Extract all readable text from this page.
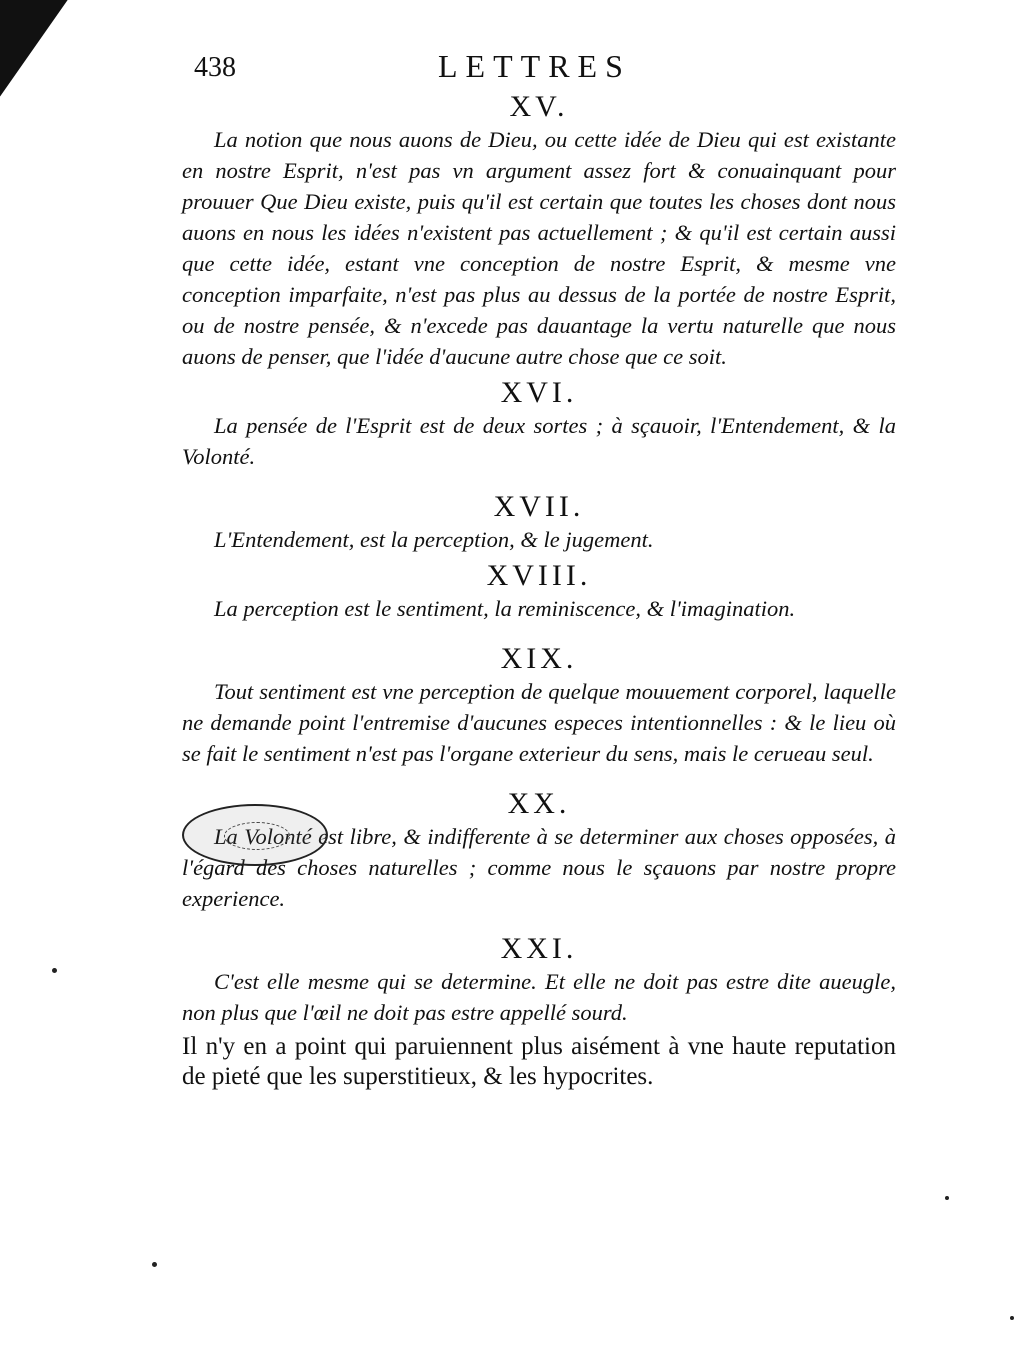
438	LETTRES

XV.

La notion que nous auons de Dieu, ou cette idée de Dieu qui est existante en nostre Esprit, n'est pas vn argument assez fort & conuainquant pour prouuer Que Dieu existe, puis qu'il est certain que toutes les choses dont nous auons en nous les idées n'existent pas actuellement ; & qu'il est certain aussi que cette idée, estant vne conception de nostre Esprit, & mesme vne conception imparfaite, n'est pas plus au dessus de la portée de nostre Esprit, ou de nostre pensée, & n'excede pas dauantage la vertu naturelle que nous auons de penser, que l'idée d'aucune autre chose que ce soit.

XVI.

La pensée de l'Esprit est de deux sortes ; à sçauoir, l'Entendement, & la Volonté.

XVII.

L'Entendement, est la perception, & le jugement.

XVIII.

La perception est le sentiment, la reminiscence, & l'imagination.

XIX.

Tout sentiment est vne perception de quelque mouuement corporel, laquelle ne demande point l'entremise d'aucunes especes intentionnelles : & le lieu où se fait le sentiment n'est pas l'organe exterieur du sens, mais le cerueau seul.

XX.

La Volonté est libre, & indifferente à se determiner aux choses opposées, à l'égard des choses naturelles ; comme nous le sçauons par nostre propre experience.

XXI.

C'est elle mesme qui se determine. Et elle ne doit pas estre dite aueugle, non plus que l'œil ne doit pas estre appellé sourd.

Il n'y en a point qui paruiennent plus aisément à vne haute reputation de pieté que les superstitieux, & les hypocrites.
